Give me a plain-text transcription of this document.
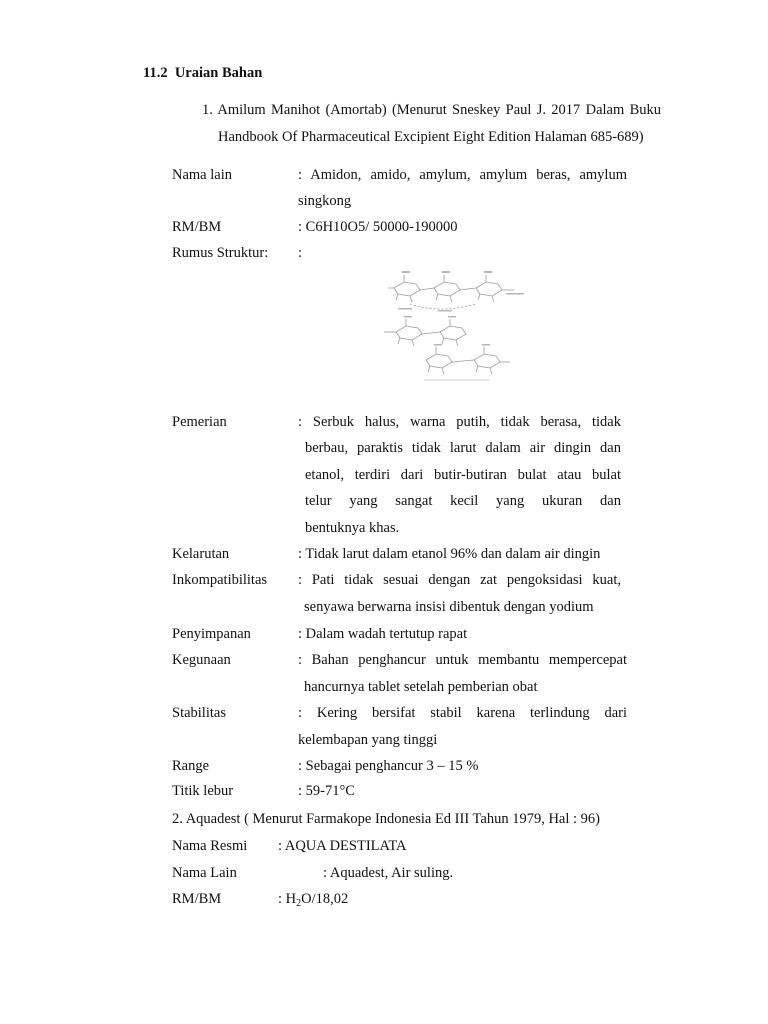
11.2 Uraian Bahan
1. Amilum Manihot (Amortab) (Menurut Sneskey Paul J. 2017 Dalam Buku
Handbook Of Pharmaceutical Excipient Eight Edition Halaman 685-689)
Nama lain	: Amidon, amido, amylum, amylum beras, amylum
singkong
RM/BM	: C6H10O5/ 50000-190000
Rumus Struktur: :
Pemerian	: Serbuk halus, warna putih, tidak berasa, tidak
berbau, paraktis tidak larut dalam air dingin dan
etanol, terdiri dari butir-butiran bulat atau bulat
telur yang sangat kecil yang ukuran dan
bentuknya khas.
Kelarutan	: Tidak larut dalam etanol 96% dan dalam air dingin
Inkompatibilitas : Pati tidak sesuai dengan zat pengoksidasi kuat,
senyawa berwarna insisi dibentuk dengan yodium
Penyimpanan	: Dalam wadah tertutup rapat
Kegunaan	: Bahan penghancur untuk membantu mempercepat
hancurnya tablet setelah pemberian obat
Stabilitas	: Kering bersifat stabil karena terlindung dari
kelembapan yang tinggi
Range	: Sebagai penghancur 3 – 15 %
Titik lebur	: 59-71°C
2. Aquadest ( Menurut Farmakope Indonesia Ed III Tahun 1979, Hal : 96)
Nama Resmi : AQUA DESTILATA
Nama Lain	: Aquadest, Air suling.
RM/BM	: $H_2O/18,02$
